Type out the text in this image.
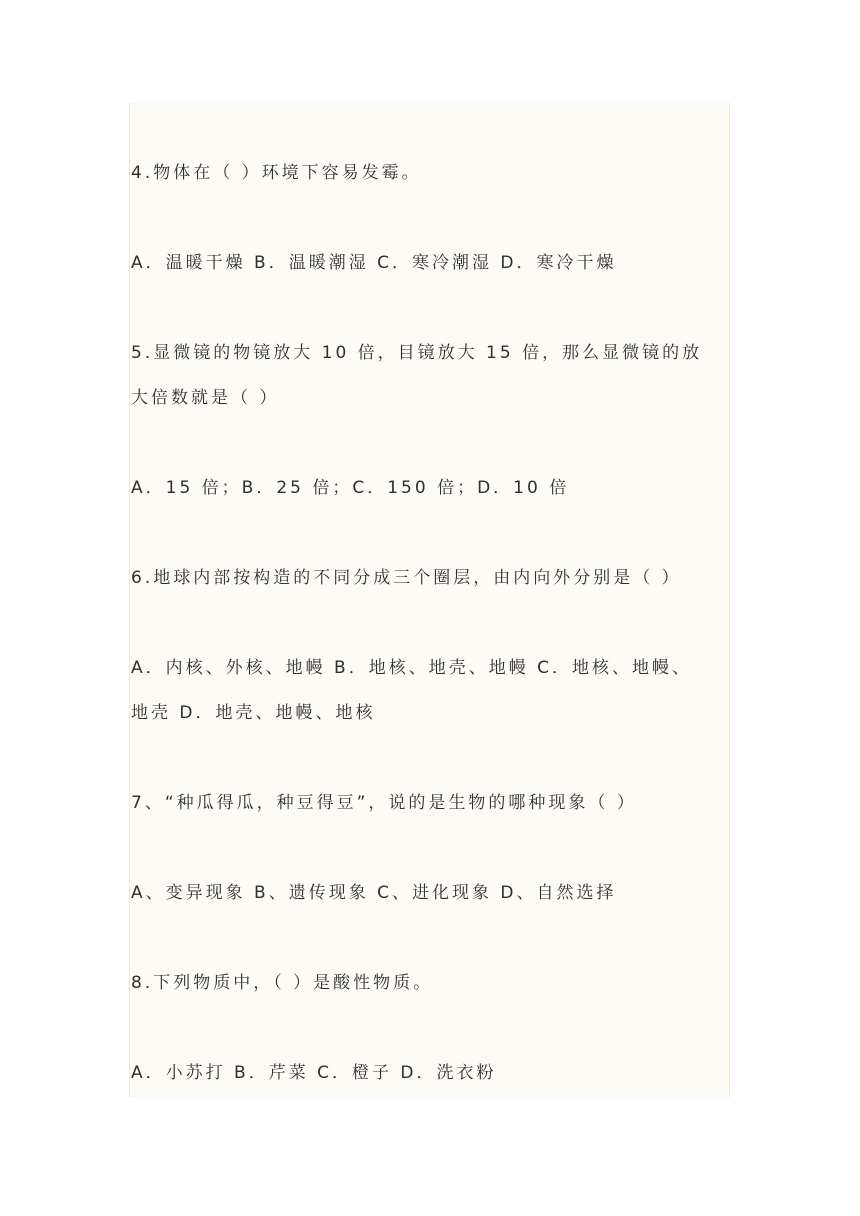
4.物体在（ ）环境下容易发霉。
A．温暖干燥 B．温暖潮湿 C．寒冷潮湿 D．寒冷干燥
5.显微镜的物镜放大 10 倍，目镜放大 15 倍，那么显微镜的放
大倍数就是（ ）
A．15 倍；B．25 倍；C．150 倍；D．10 倍
6.地球内部按构造的不同分成三个圈层，由内向外分别是（ ）
A．内核、外核、地幔 B．地核、地壳、地幔 C．地核、地幔、
地壳 D．地壳、地幔、地核
7、“种瓜得瓜，种豆得豆”，说的是生物的哪种现象（ ）
A、变异现象 B、遗传现象 C、进化现象 D、自然选择
8.下列物质中，（ ）是酸性物质。
A．小苏打 B．芹菜 C．橙子 D．洗衣粉
